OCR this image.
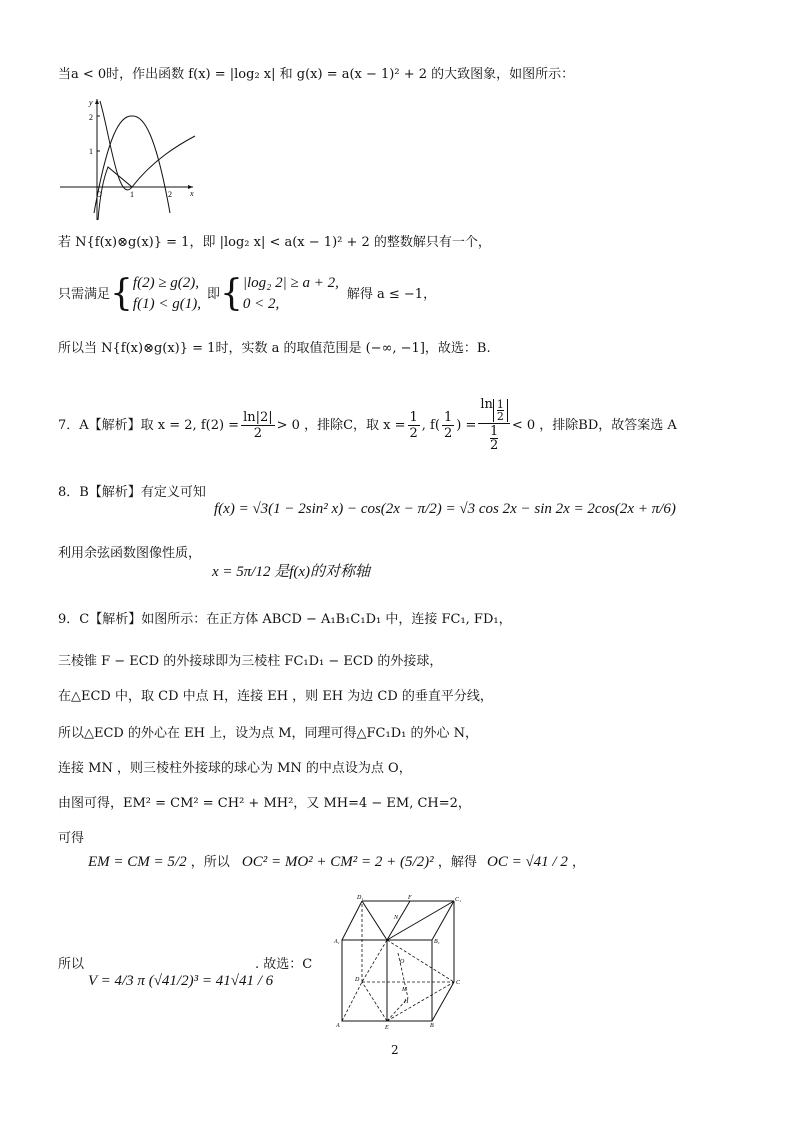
当a < 0时，作出函数 f(x) = |log₂ x| 和 g(x) = a(x − 1)² + 2 的大致图象，如图所示：
y
2
1
O	1	2 x
若 N{f(x)⊗g(x)} = 1，即 |log₂ x| < a(x − 1)² + 2 的整数解只有一个，
只需满足 { f(2) ≥ g(2),
f(1) < g(1),
即 { |log₂ 2| ≥ a + 2,
0 < 2,
解得 a ≤ −1，
所以当 N{f(x)⊗g(x)} = 1时，实数 a 的取值范围是 (−∞, −1]，故选：B.
7．A【解析】取 x = 2, $f(2) = \frac{\ln|2|}{2} > 0$ ，排除C，取 $x = \frac{1}{2}$ , $f( \frac{1}{2}$ ) = $\ln \frac{1}{2}$
1
2 < 0 ，排除BD，故答案选 A
8．B【解析】有定义可知
f(x) = √3(1 − 2sin² x) − cos(2x − π/2) = √3 cos 2x − sin 2x = 2cos(2x + π/6)
利用余弦函数图像性质，
x = 5π/12 是f(x)的对称轴
9．C【解析】如图所示：在正方体 ABCD − A₁B₁C₁D₁ 中，连接 FC₁, FD₁，
三棱锥 F − ECD 的外接球即为三棱柱 FC₁D₁ − ECD 的外接球，
在△ECD 中，取 CD 中点 H，连接 EH ，则 EH 为边 CD 的垂直平分线，
所以△ECD 的外心在 EH 上，设为点 M，同理可得△FC₁D₁ 的外心 N，
连接 MN ，则三棱柱外接球的球心为 MN 的中点设为点 O，
由图可得，EM² = CM² = CH² + MH²，又 MH=4 − EM, CH=2，
可得
EM = CM = 5/2 ，所以 OC² = MO² + CM² = 2 + (5/2)² ，解得 OC = √41 / 2 ，
所以
V = 4/3 π (√41/2)³ = 41√41 / 6
. 故选：C
D₁	F	C₁
A₁
N
B₁
O
D
M
H
C
A	E	B
2
